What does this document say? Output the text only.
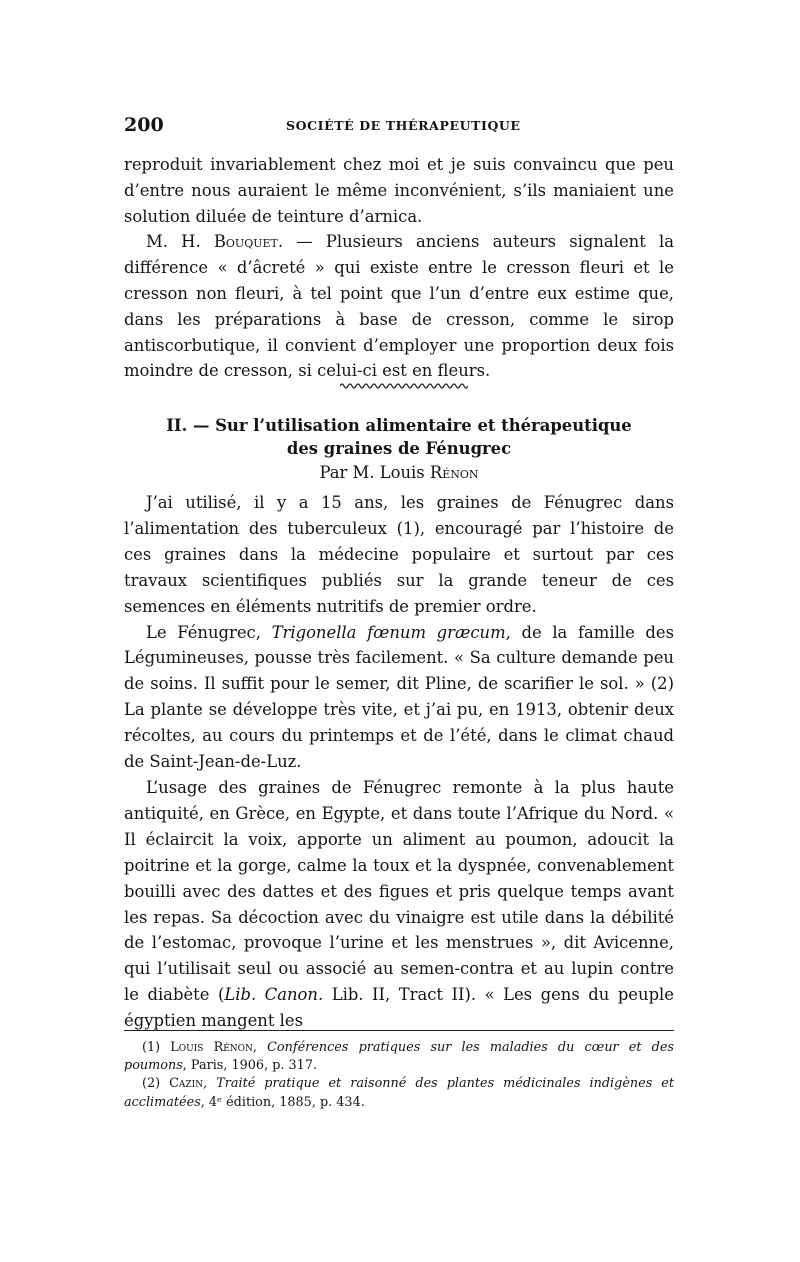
200	SOCIÉTÉ DE THÉRAPEUTIQUE

reproduit invariablement chez moi et je suis convaincu que peu d’entre nous auraient le même inconvénient, s’ils maniaient une solution diluée de teinture d’arnica.

M. H. Bouquet. — Plusieurs anciens auteurs signalent la différence « d’âcreté » qui existe entre le cresson fleuri et le cresson non fleuri, à tel point que l’un d’entre eux estime que, dans les préparations à base de cresson, comme le sirop antiscorbutique, il convient d’employer une proportion deux fois moindre de cresson, si celui-ci est en fleurs.

II. — Sur l’utilisation alimentaire et thérapeutique
des graines de Fénugrec
Par M. Louis Rénon

J’ai utilisé, il y a 15 ans, les graines de Fénugrec dans l’alimentation des tuberculeux (1), encouragé par l’histoire de ces graines dans la médecine populaire et surtout par ces travaux scientifiques publiés sur la grande teneur de ces semences en éléments nutritifs de premier ordre.

Le Fénugrec, Trigonella fœnum græcum, de la famille des Légumineuses, pousse très facilement. « Sa culture demande peu de soins. Il suffit pour le semer, dit Pline, de scarifier le sol. » (2) La plante se développe très vite, et j’ai pu, en 1913, obtenir deux récoltes, au cours du printemps et de l’été, dans le climat chaud de Saint-Jean-de-Luz.

L’usage des graines de Fénugrec remonte à la plus haute antiquité, en Grèce, en Egypte, et dans toute l’Afrique du Nord. « Il éclaircit la voix, apporte un aliment au poumon, adoucit la poitrine et la gorge, calme la toux et la dyspnée, convenablement bouilli avec des dattes et des figues et pris quelque temps avant les repas. Sa décoction avec du vinaigre est utile dans la débilité de l’estomac, provoque l’urine et les menstrues », dit Avicenne, qui l’utilisait seul ou associé au semen-contra et au lupin contre le diabète (Lib. Canon. Lib. II, Tract II). « Les gens du peuple égyptien mangent les

(1) Louis Rénon, Conférences pratiques sur les maladies du cœur et des poumons, Paris, 1906, p. 317.

(2) Cazin, Traité pratique et raisonné des plantes médicinales indigènes et acclimatées, 4ᵉ édition, 1885, p. 434.
